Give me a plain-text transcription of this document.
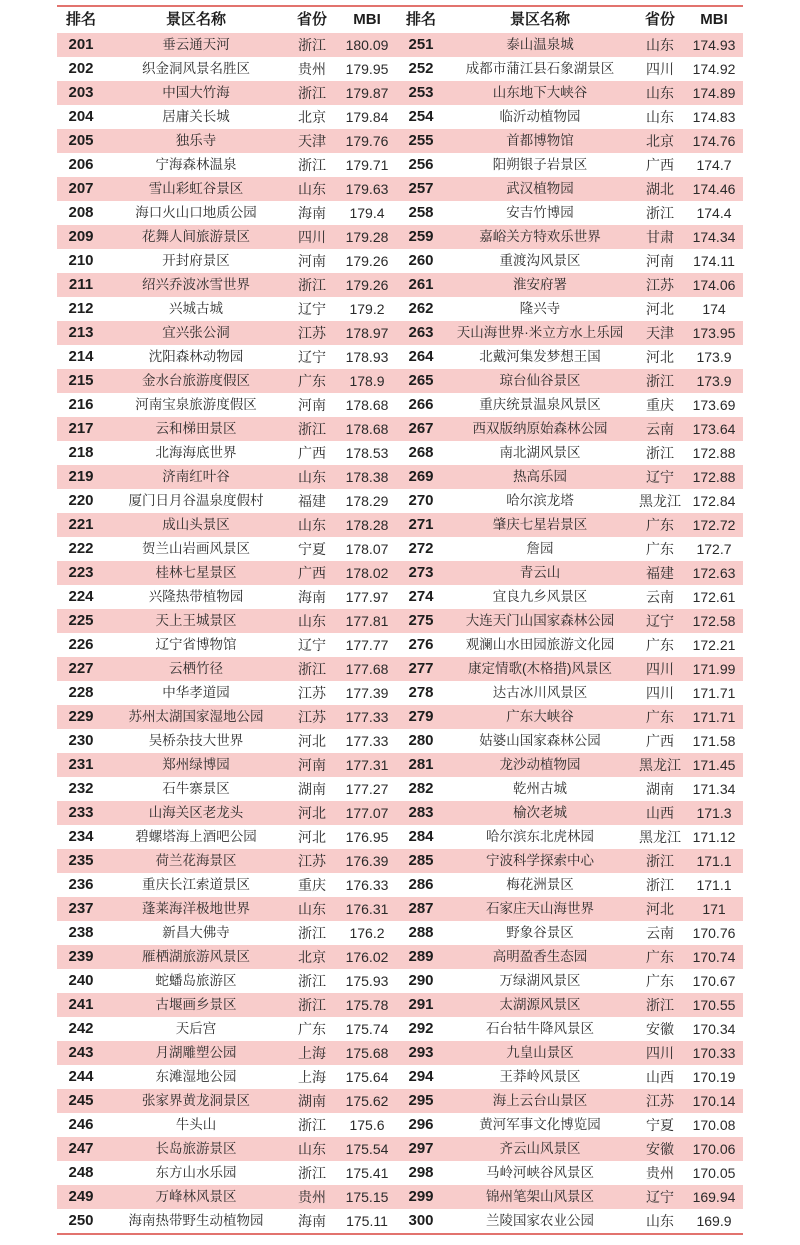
排名	景区名称	省份	MBI	排名	景区名称	省份	MBI
201	垂云通天河	浙江	180.09	251	泰山温泉城	山东	174.93
202	织金洞风景名胜区	贵州	179.95	252	成都市蒲江县石象湖景区	四川	174.92
203	中国大竹海	浙江	179.87	253	山东地下大峡谷	山东	174.89
204	居庸关长城	北京	179.84	254	临沂动植物园	山东	174.83
205	独乐寺	天津	179.76	255	首都博物馆	北京	174.76
206	宁海森林温泉	浙江	179.71	256	阳朔银子岩景区	广西	174.7
207	雪山彩虹谷景区	山东	179.63	257	武汉植物园	湖北	174.46
208	海口火山口地质公园	海南	179.4	258	安吉竹博园	浙江	174.4
209	花舞人间旅游景区	四川	179.28	259	嘉峪关方特欢乐世界	甘肃	174.34
210	开封府景区	河南	179.26	260	重渡沟风景区	河南	174.11
211	绍兴乔波冰雪世界	浙江	179.26	261	淮安府署	江苏	174.06
212	兴城古城	辽宁	179.2	262	隆兴寺	河北	174
213	宜兴张公洞	江苏	178.97	263	天山海世界·米立方水上乐园	天津	173.95
214	沈阳森林动物园	辽宁	178.93	264	北戴河集发梦想王国	河北	173.9
215	金水台旅游度假区	广东	178.9	265	琼台仙谷景区	浙江	173.9
216	河南宝泉旅游度假区	河南	178.68	266	重庆统景温泉风景区	重庆	173.69
217	云和梯田景区	浙江	178.68	267	西双版纳原始森林公园	云南	173.64
218	北海海底世界	广西	178.53	268	南北湖风景区	浙江	172.88
219	济南红叶谷	山东	178.38	269	热高乐园	辽宁	172.88
220	厦门日月谷温泉度假村	福建	178.29	270	哈尔滨龙塔	黑龙江 172.84
221	成山头景区	山东	178.28	271	肇庆七星岩景区	广东	172.72
222	贺兰山岩画风景区	宁夏	178.07	272	詹园	广东	172.7
223	桂林七星景区	广西	178.02	273	青云山	福建	172.63
224	兴隆热带植物园	海南	177.97	274	宜良九乡风景区	云南	172.61
225	天上王城景区	山东	177.81	275	大连天门山国家森林公园	辽宁	172.58
226	辽宁省博物馆	辽宁	177.77	276	观澜山水田园旅游文化园	广东	172.21
227	云栖竹径	浙江	177.68	277	康定情歌(木格措)风景区	四川	171.99
228	中华孝道园	江苏	177.39	278	达古冰川风景区	四川	171.71
229	苏州太湖国家湿地公园	江苏	177.33	279	广东大峡谷	广东	171.71
230	吴桥杂技大世界	河北	177.33	280	姑婆山国家森林公园	广西	171.58
231	郑州绿博园	河南	177.31	281	龙沙动植物园	黑龙江 171.45
232	石牛寨景区	湖南	177.27	282	乾州古城	湖南	171.34
233	山海关区老龙头	河北	177.07	283	榆次老城	山西	171.3
234	碧螺塔海上酒吧公园	河北	176.95	284	哈尔滨东北虎林园	黑龙江 171.12
235	荷兰花海景区	江苏	176.39	285	宁波科学探索中心	浙江	171.1
236	重庆长江索道景区	重庆	176.33	286	梅花洲景区	浙江	171.1
237	蓬莱海洋极地世界	山东	176.31	287	石家庄天山海世界	河北	171
238	新昌大佛寺	浙江	176.2	288	野象谷景区	云南	170.76
239	雁栖湖旅游风景区	北京	176.02	289	高明盈香生态园	广东	170.74
240	蛇蟠岛旅游区	浙江	175.93	290	万绿湖风景区	广东	170.67
241	古堰画乡景区	浙江	175.78	291	太湖源风景区	浙江	170.55
242	天后宫	广东	175.74	292	石台牯牛降风景区	安徽	170.34
243	月湖雕塑公园	上海	175.68	293	九皇山景区	四川	170.33
244	东滩湿地公园	上海	175.64	294	王莽岭风景区	山西	170.19
245	张家界黄龙洞景区	湖南	175.62	295	海上云台山景区	江苏	170.14
246	牛头山	浙江	175.6	296	黄河军事文化博览园	宁夏	170.08
247	长岛旅游景区	山东	175.54	297	齐云山风景区	安徽	170.06
248	东方山水乐园	浙江	175.41	298	马岭河峡谷风景区	贵州	170.05
249	万峰林风景区	贵州	175.15	299	锦州笔架山风景区	辽宁	169.94
250	海南热带野生动植物园	海南	175.11	300	兰陵国家农业公园	山东	169.9
